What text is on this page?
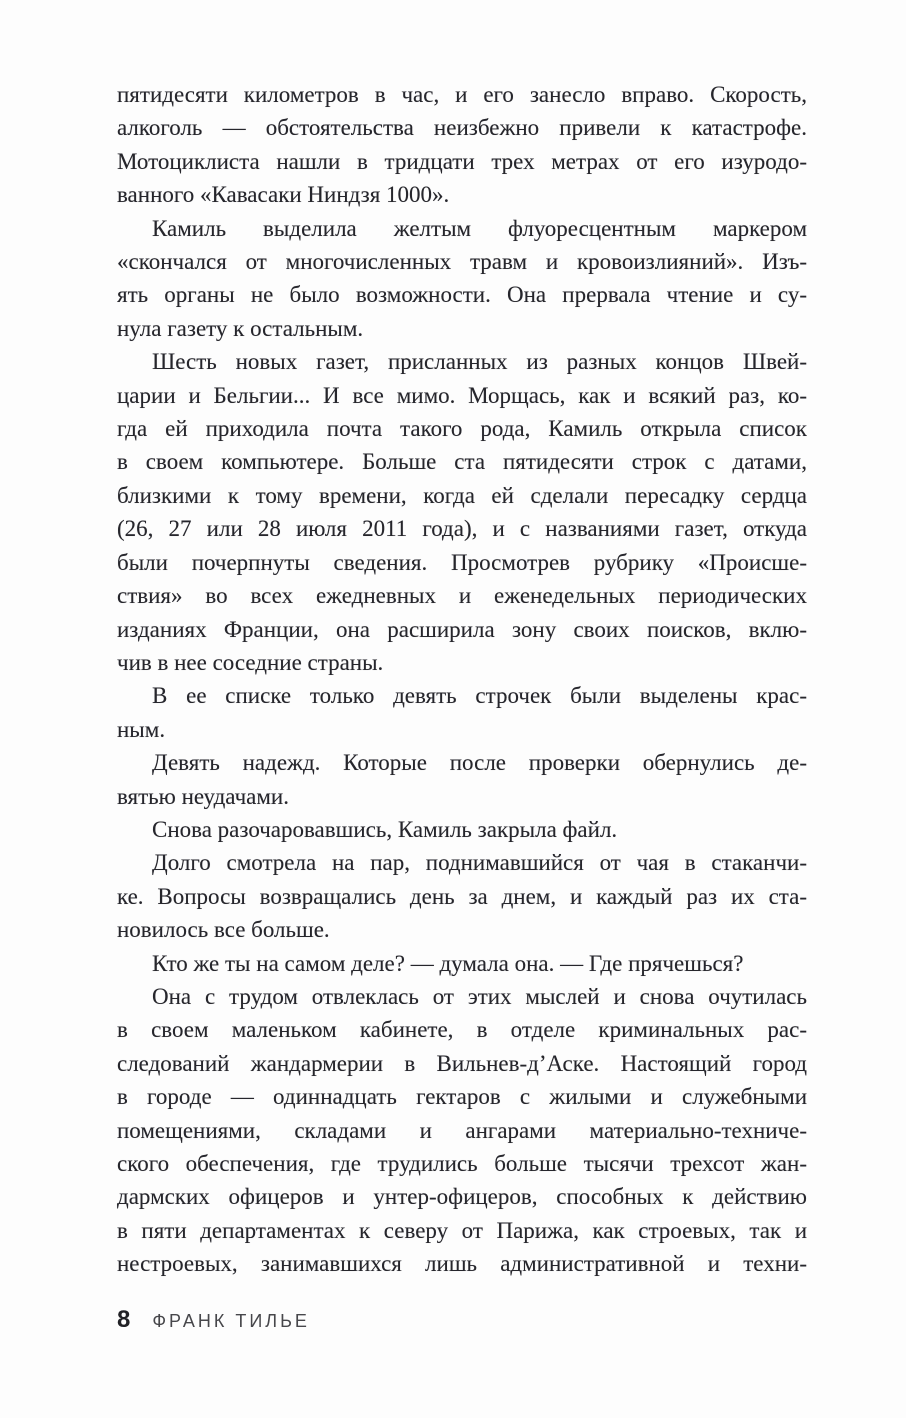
пятидесяти километров в час, и его занесло вправо. Скорость,
алкоголь — обстоятельства неизбежно привели к катастрофе.
Мотоциклиста нашли в тридцати трех метрах от его изуродо-
ванного «Кавасаки Ниндзя 1000».

Камиль выделила желтым флуоресцентным маркером
«скончался от многочисленных травм и кровоизлияний». Изъ-
ять органы не было возможности. Она прервала чтение и су-
нула газету к остальным.

Шесть новых газет, присланных из разных концов Швей-
царии и Бельгии... И все мимо. Морщась, как и всякий раз, ко-
гда ей приходила почта такого рода, Камиль открыла список
в своем компьютере. Больше ста пятидесяти строк с датами,
близкими к тому времени, когда ей сделали пересадку сердца
(26, 27 или 28 июля 2011 года), и с названиями газет, откуда
были почерпнуты сведения. Просмотрев рубрику «Происше-
ствия» во всех ежедневных и еженедельных периодических
изданиях Франции, она расширила зону своих поисков, вклю-
чив в нее соседние страны.

В ее списке только девять строчек были выделены крас-
ным.

Девять надежд. Которые после проверки обернулись де-
вятью неудачами.

Снова разочаровавшись, Камиль закрыла файл.

Долго смотрела на пар, поднимавшийся от чая в стаканчи-
ке. Вопросы возвращались день за днем, и каждый раз их ста-
новилось все больше.

Кто же ты на самом деле? — думала она. — Где прячешься?

Она с трудом отвлеклась от этих мыслей и снова очутилась
в своем маленьком кабинете, в отделе криминальных рас-
следований жандармерии в Вильнев-д’Аске. Настоящий город
в городе — одиннадцать гектаров с жилыми и служебными
помещениями, складами и ангарами материально-техниче-
ского обеспечения, где трудились больше тысячи трехсот жан-
дармских офицеров и унтер-офицеров, способных к действию
в пяти департаментах к северу от Парижа, как строевых, так и
нестроевых, занимавшихся лишь административной и техни-

8 ФРАНК ТИЛЬЕ
